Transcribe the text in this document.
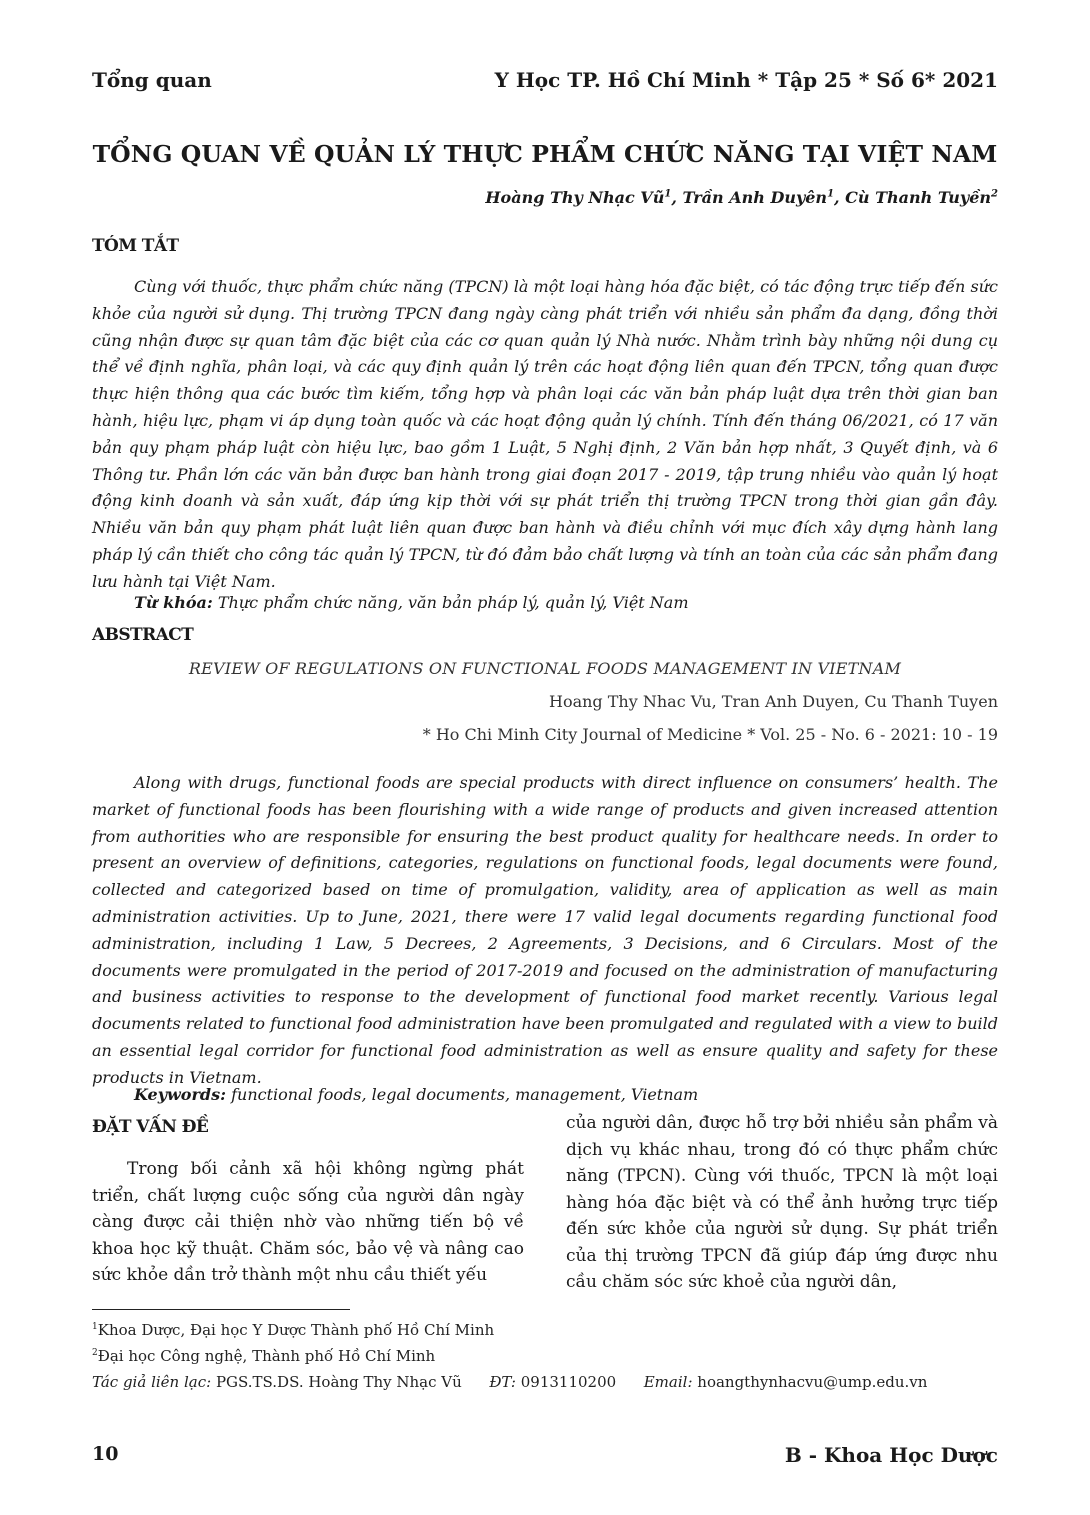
Tổng quan	Y Học TP. Hồ Chí Minh * Tập 25 * Số 6* 2021
TỔNG QUAN VỀ QUẢN LÝ THỰC PHẨM CHỨC NĂNG TẠI VIỆT NAM
Hoàng Thy Nhạc $Vũ^1$, Trần Anh Duyên$^1$, Cù Thanh Tuyền$^2$
TÓM TẮT
Cùng với thuốc, thực phẩm chức năng (TPCN) là một loại hàng hóa đặc biệt, có tác động trực tiếp đến sức khỏe của người sử dụng. Thị trường TPCN đang ngày càng phát triển với nhiều sản phẩm đa dạng, đồng thời cũng nhận được sự quan tâm đặc biệt của các cơ quan quản lý Nhà nước. Nhằm trình bày những nội dung cụ thể về định nghĩa, phân loại, và các quy định quản lý trên các hoạt động liên quan đến TPCN, tổng quan được thực hiện thông qua các bước tìm kiếm, tổng hợp và phân loại các văn bản pháp luật dựa trên thời gian ban hành, hiệu lực, phạm vi áp dụng toàn quốc và các hoạt động quản lý chính. Tính đến tháng 06/2021, có 17 văn bản quy phạm pháp luật còn hiệu lực, bao gồm 1 Luật, 5 Nghị định, 2 Văn bản hợp nhất, 3 Quyết định, và 6 Thông tư. Phần lớn các văn bản được ban hành trong giai đoạn 2017 - 2019, tập trung nhiều vào quản lý hoạt động kinh doanh và sản xuất, đáp ứng kịp thời với sự phát triển thị trường TPCN trong thời gian gần đây. Nhiều văn bản quy phạm phát luật liên quan được ban hành và điều chỉnh với mục đích xây dựng hành lang pháp lý cần thiết cho công tác quản lý TPCN, từ đó đảm bảo chất lượng và tính an toàn của các sản phẩm đang lưu hành tại Việt Nam.
Từ khóa: Thực phẩm chức năng, văn bản pháp lý, quản lý, Việt Nam
ABSTRACT
REVIEW OF REGULATIONS ON FUNCTIONAL FOODS MANAGEMENT IN VIETNAM
Hoang Thy Nhac Vu, Tran Anh Duyen, Cu Thanh Tuyen
* Ho Chi Minh City Journal of Medicine * Vol. 25 - No. 6 - 2021: 10 - 19
Along with drugs, functional foods are special products with direct influence on consumers’ health. The market of functional foods has been flourishing with a wide range of products and given increased attention from authorities who are responsible for ensuring the best product quality for healthcare needs. In order to present an overview of definitions, categories, regulations on functional foods, legal documents were found, collected and categorized based on time of promulgation, validity, area of application as well as main administration activities. Up to June, 2021, there were 17 valid legal documents regarding functional food administration, including 1 Law, 5 Decrees, 2 Agreements, 3 Decisions, and 6 Circulars. Most of the documents were promulgated in the period of 2017-2019 and focused on the administration of manufacturing and business activities to response to the development of functional food market recently. Various legal documents related to functional food administration have been promulgated and regulated with a view to build an essential legal corridor for functional food administration as well as ensure quality and safety for these products in Vietnam.
Keywords: functional foods, legal documents, management, Vietnam
ĐẶT VẤN ĐỀ
Trong bối cảnh xã hội không ngừng phát triển, chất lượng cuộc sống của người dân ngày càng được cải thiện nhờ vào những tiến bộ về khoa học kỹ thuật. Chăm sóc, bảo vệ và nâng cao sức khỏe dần trở thành một nhu cầu thiết yếu
của người dân, được hỗ trợ bởi nhiều sản phẩm và dịch vụ khác nhau, trong đó có thực phẩm chức năng (TPCN). Cùng với thuốc, TPCN là một loại hàng hóa đặc biệt và có thể ảnh hưởng trực tiếp đến sức khỏe của người sử dụng. Sự phát triển của thị trường TPCN đã giúp đáp ứng được nhu cầu chăm sóc sức khoẻ của người dân,
$^1$Khoa Dược, Đại học Y Dược Thành phố Hồ Chí Minh
$^2$Đại học Công nghệ, Thành phố Hồ Chí Minh
Tác giả liên lạc: PGS.TS.DS. Hoàng Thy Nhạc Vũ ĐT: 0913110200 Email: hoangthynhacvu@ump.edu.vn
10	B - Khoa Học Dược
